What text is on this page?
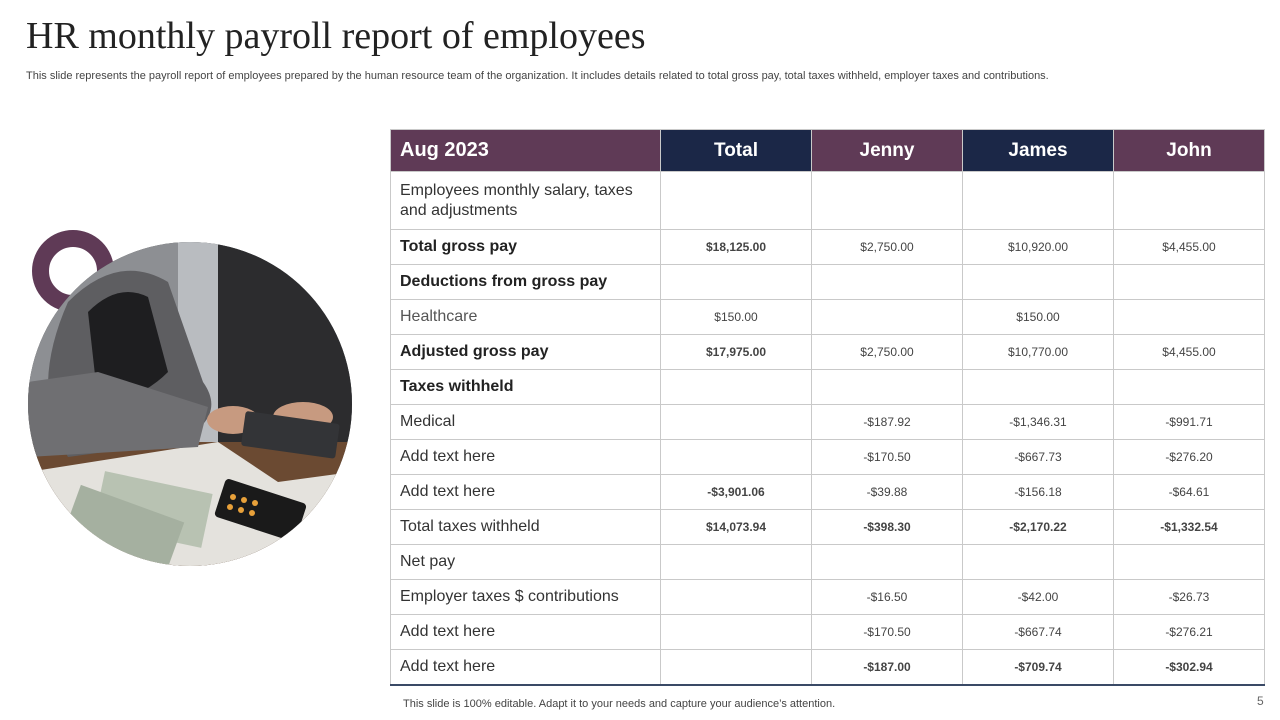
HR monthly payroll report of employees

This slide represents the payroll report of employees prepared by the human resource team of the organization. It includes details related to total gross pay, total taxes withheld, employer taxes and contributions.

Aug 2023	Total	Jenny	James	John
Employees monthly salary, taxes and adjustments				
Total gross pay	$18,125.00	$2,750.00	$10,920.00	$4,455.00
Deductions from gross pay				
Healthcare	$150.00		$150.00	
Adjusted gross pay	$17,975.00	$2,750.00	$10,770.00	$4,455.00
Taxes withheld				
Medical		-$187.92	-$1,346.31	-$991.71
Add text here		-$170.50	-$667.73	-$276.20
Add text here	-$3,901.06	-$39.88	-$156.18	-$64.61
Total taxes withheld	$14,073.94	-$398.30	-$2,170.22	-$1,332.54
Net pay				
Employer taxes $ contributions		-$16.50	-$42.00	-$26.73
Add text here		-$170.50	-$667.74	-$276.21
Add text here		-$187.00	-$709.74	-$302.94

This slide is 100% editable. Adapt it to your needs and capture your audience’s attention.	5
